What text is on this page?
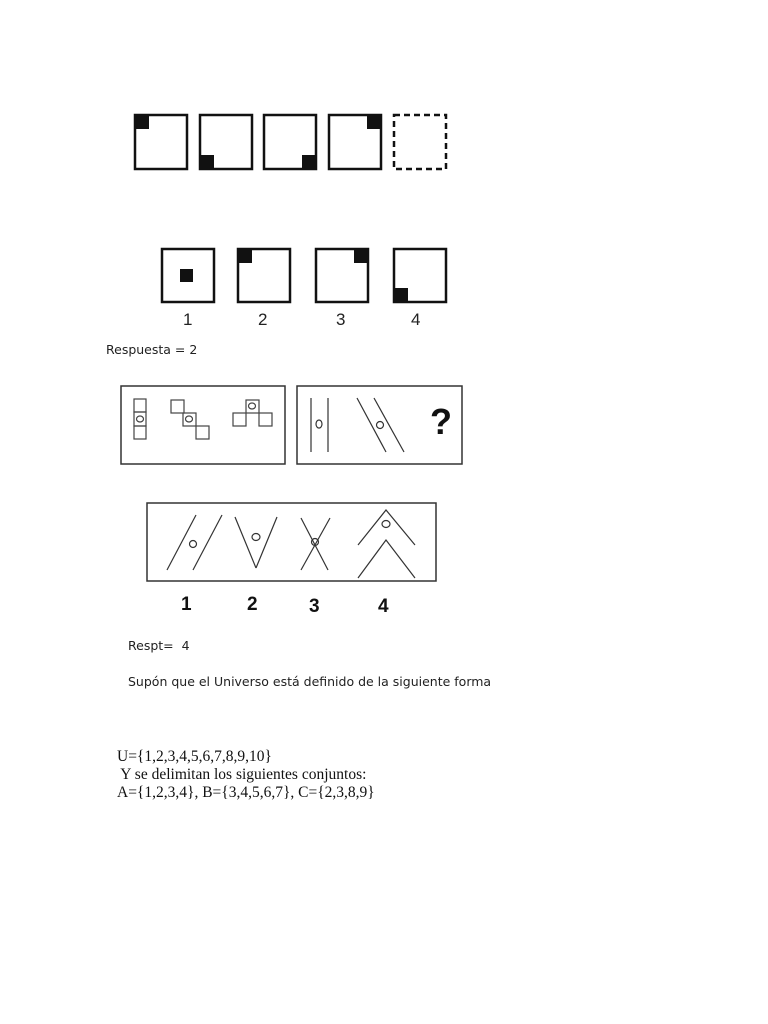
1	2	3	4
Respuesta = 2
?
1	2	3	4
Respt=  4
Supón que el Universo está definido de la siguiente forma
U={1,2,3,4,5,6,7,8,9,10}
Y se delimitan los siguientes conjuntos:
A={1,2,3,4}, B={3,4,5,6,7}, C={2,3,8,9}
